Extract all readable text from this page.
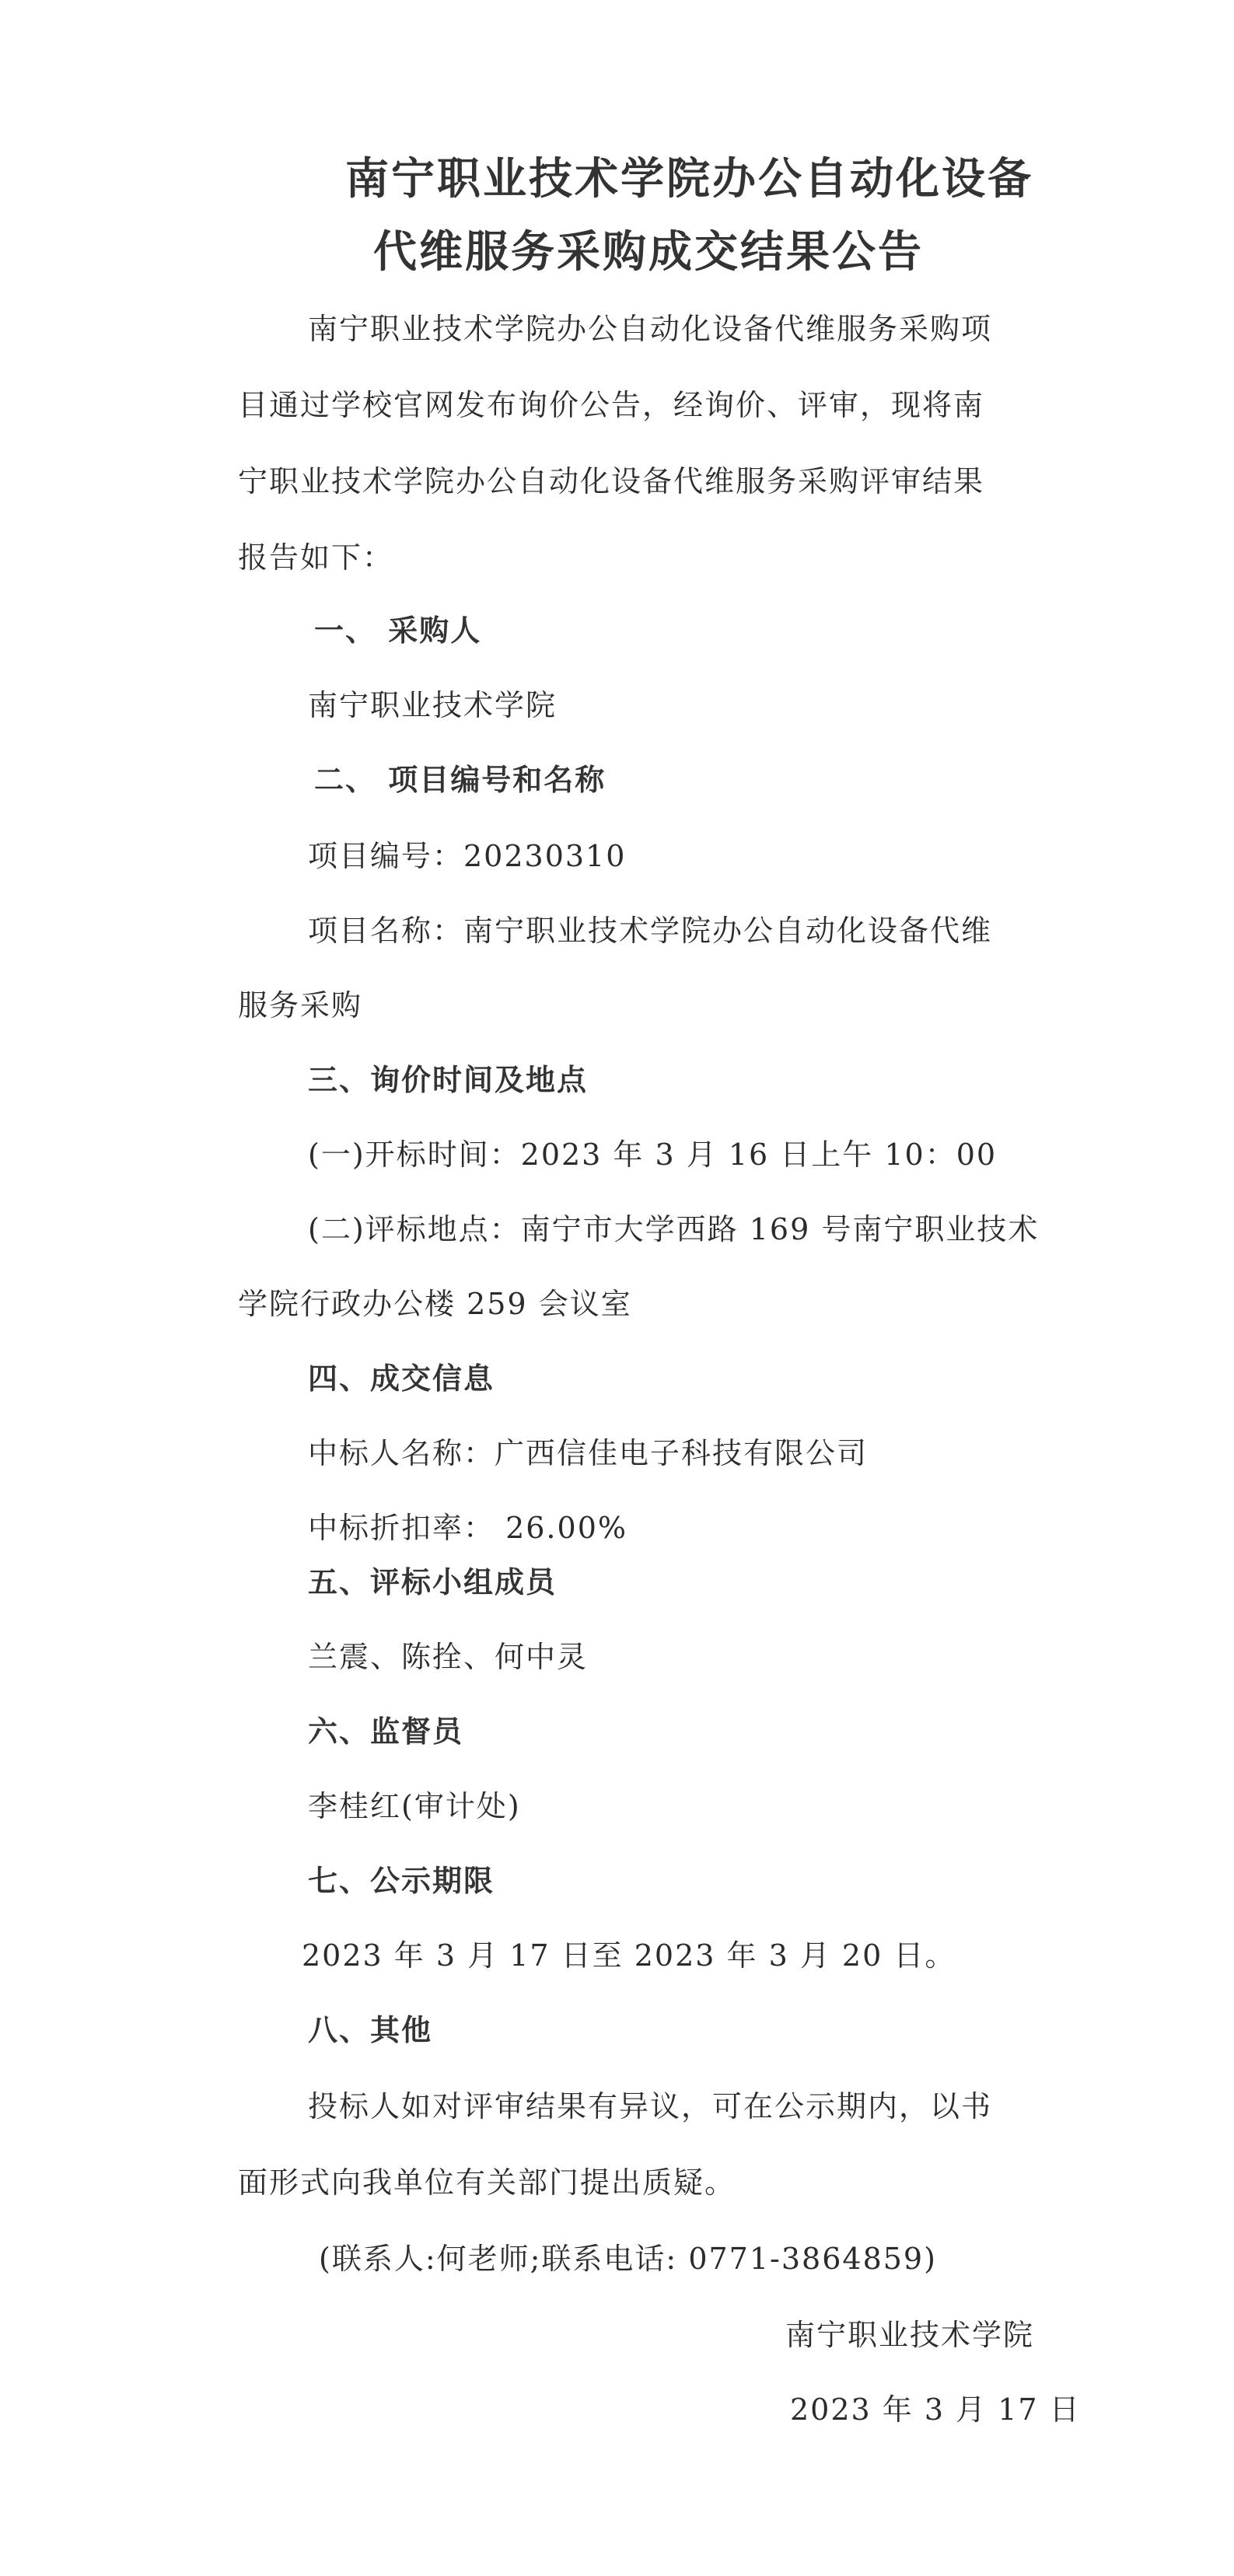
南宁职业技术学院办公自动化设备
代维服务采购成交结果公告
南宁职业技术学院办公自动化设备代维服务采购项
目通过学校官网发布询价公告，经询价、评审，现将南
宁职业技术学院办公自动化设备代维服务采购评审结果
报告如下：
一、 采购人
南宁职业技术学院
二、 项目编号和名称
项目编号：20230310
项目名称：南宁职业技术学院办公自动化设备代维
服务采购
三、询价时间及地点
(一)开标时间：2023 年 3 月 16 日上午 10：00
(二)评标地点：南宁市大学西路 169 号南宁职业技术
学院行政办公楼 259 会议室
四、成交信息
中标人名称：广西信佳电子科技有限公司
中标折扣率： 26.00%
五、评标小组成员
兰震、陈拴、何中灵
六、监督员
李桂红(审计处)
七、公示期限
2023 年 3 月 17 日至 2023 年 3 月 20 日。
八、其他
投标人如对评审结果有异议，可在公示期内，以书
面形式向我单位有关部门提出质疑。
(联系人:何老师;联系电话: 0771-3864859)
南宁职业技术学院
2023 年 3 月 17 日
